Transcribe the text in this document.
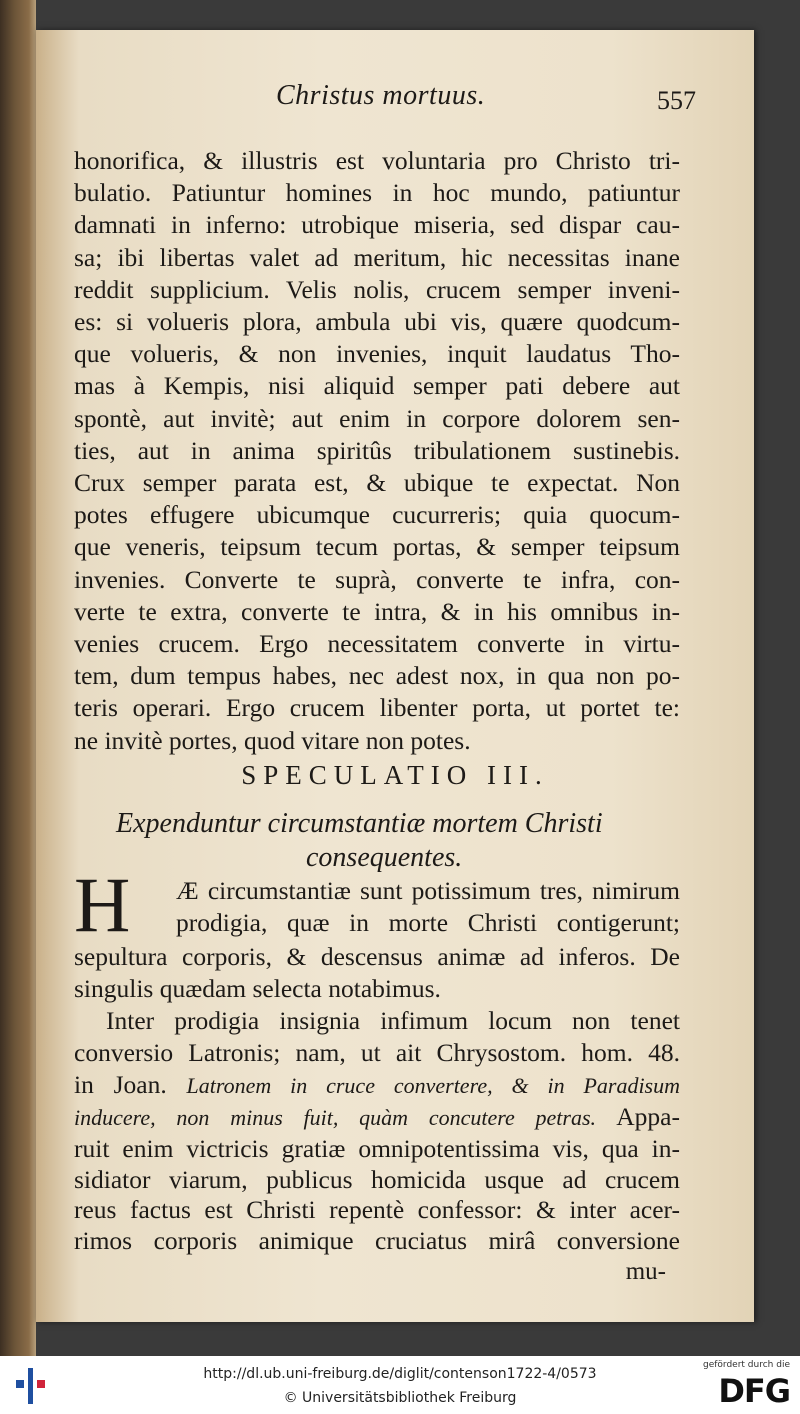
Christus mortuus.	557
SPECULATIO III.
Expenduntur circumstantiæ mortem Christi
consequentes.
H Æ circumstantiæ sunt potissimum tres, nimirum
prodigia, quæ in morte Christi contigerunt;
Inter prodigia insignia infimum locum non tenet
in Joan. Latronem in cruce convertere, & in Paradisum
inducere, non minus fuit, quàm concutere petras. Appa-
mu-
honorifica, & illustris est voluntaria pro Christo tri-
bulatio. Patiuntur homines in hoc mundo, patiuntur
damnati in inferno: utrobique miseria, sed dispar cau-
sa; ibi libertas valet ad meritum, hic necessitas inane
reddit supplicium. Velis nolis, crucem semper inveni-
es: si volueris plora, ambula ubi vis, quære quodcum-
que volueris, & non invenies, inquit laudatus Tho-
mas à Kempis, nisi aliquid semper pati debere aut
spontè, aut invitè; aut enim in corpore dolorem sen-
ties, aut in anima spiritûs tribulationem sustinebis.
Crux semper parata est, & ubique te expectat. Non
potes effugere ubicumque cucurreris; quia quocum-
que veneris, teipsum tecum portas, & semper teipsum
invenies. Converte te suprà, converte te infra, con-
verte te extra, converte te intra, & in his omnibus in-
venies crucem. Ergo necessitatem converte in virtu-
tem, dum tempus habes, nec adest nox, in qua non po-
teris operari. Ergo crucem libenter porta, ut portet te:
ne invitè portes, quod vitare non potes.
sepultura corporis, & descensus animæ ad inferos. De
singulis quædam selecta notabimus.
conversio Latronis; nam, ut ait Chrysostom. hom. 48.
ruit enim victricis gratiæ omnipotentissima vis, qua in-
sidiator viarum, publicus homicida usque ad crucem
reus factus est Christi repentè confessor: & inter acer-
rimos corporis animique cruciatus mirâ conversione
http://dl.ub.uni-freiburg.de/diglit/contenson1722-4/0573
© Universitätsbibliothek Freiburg
gefördert durch die
DFG
